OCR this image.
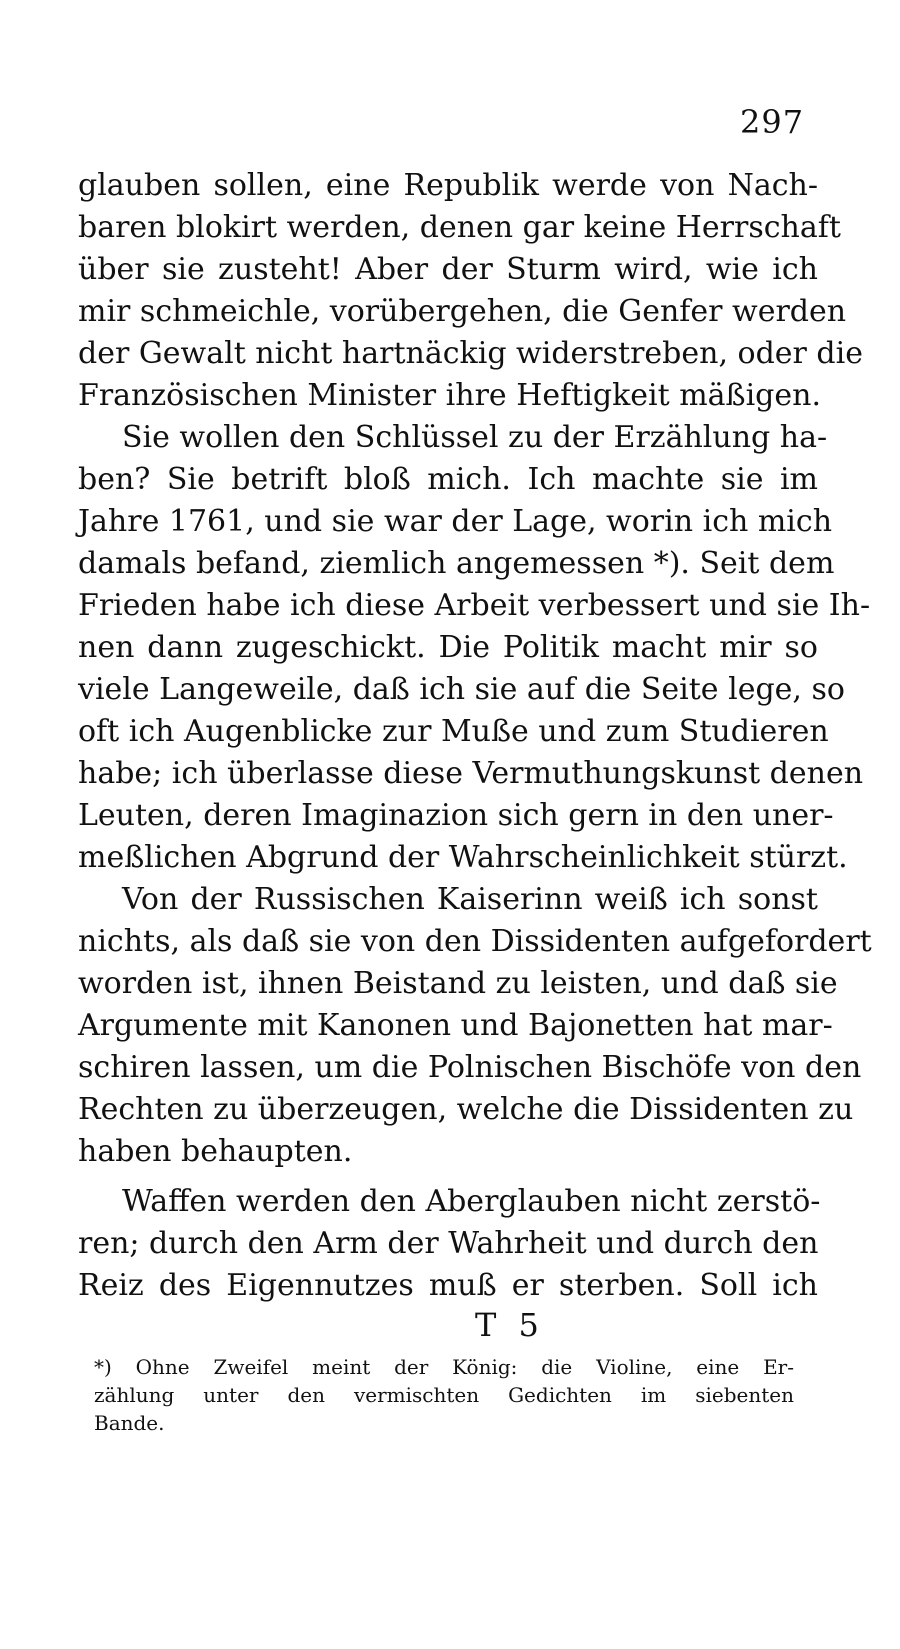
297
glauben sollen, eine Republik werde von Nach-
baren blokirt werden, denen gar keine Herrschaft
über sie zusteht! Aber der Sturm wird, wie ich
mir schmeichle, vorübergehen, die Genfer werden
der Gewalt nicht hartnäckig widerstreben, oder die
Französischen Minister ihre Heftigkeit mäßigen.
Sie wollen den Schlüssel zu der Erzählung ha-
ben? Sie betrift bloß mich. Ich machte sie im
Jahre 1761, und sie war der Lage, worin ich mich
damals befand, ziemlich angemessen *). Seit dem
Frieden habe ich diese Arbeit verbessert und sie Ih-
nen dann zugeschickt. Die Politik macht mir so
viele Langeweile, daß ich sie auf die Seite lege, so
oft ich Augenblicke zur Muße und zum Studieren
habe; ich überlasse diese Vermuthungskunst denen
Leuten, deren Imaginazion sich gern in den uner-
meßlichen Abgrund der Wahrscheinlichkeit stürzt.
Von der Russischen Kaiserinn weiß ich sonst
nichts, als daß sie von den Dissidenten aufgefordert
worden ist, ihnen Beistand zu leisten, und daß sie
Argumente mit Kanonen und Bajonetten hat mar-
schiren lassen, um die Polnischen Bischöfe von den
Rechten zu überzeugen, welche die Dissidenten zu
haben behaupten.
Waffen werden den Aberglauben nicht zerstö-
ren; durch den Arm der Wahrheit und durch den
Reiz des Eigennutzes muß er sterben. Soll ich
T 5
*) Ohne Zweifel meint der König: die Violine, eine Er-
zählung unter den vermischten Gedichten im siebenten
Bande.
